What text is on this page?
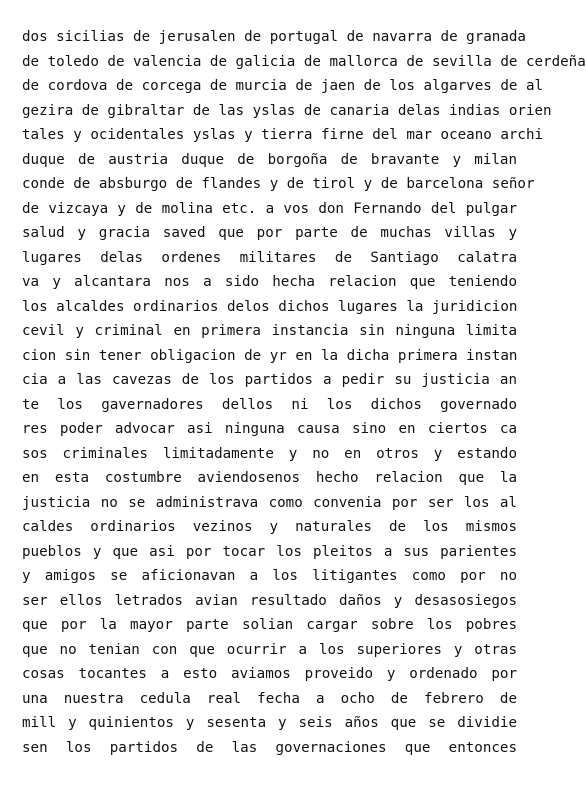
dos sicilias de jerusalen de portugal de navarra de granada
de toledo de valencia de galicia de mallorca de sevilla de cerdeña
de cordova de corcega de murcia de jaen de los algarves de al
gezira de gibraltar de las yslas de canaria delas indias orien
tales y ocidentales yslas y tierra firne del mar oceano archi
duque de austria duque de borgoña de bravante y milan
conde de absburgo de flandes y de tirol y de barcelona señor
de vizcaya y de molina etc. a vos don Fernando del pulgar
salud y gracia saved que por parte de muchas villas y
lugares delas ordenes militares de Santiago calatra
va y alcantara nos a sido hecha relacion que teniendo
los alcaldes ordinarios delos dichos lugares la juridicion
cevil y criminal en primera instancia sin ninguna limita
cion sin tener obligacion de yr en la dicha primera instan
cia a las cavezas de los partidos a pedir su justicia an
te los gavernadores dellos ni los dichos governado
res poder advocar asi ninguna causa sino en ciertos ca
sos criminales limitadamente y no en otros y estando
en esta costumbre aviendosenos hecho relacion que la
justicia no se administrava como convenia por ser los al
caldes ordinarios vezinos y naturales de los mismos
pueblos y que asi por tocar los pleitos a sus parientes
y amigos se aficionavan a los litigantes como por no
ser ellos letrados avian resultado daños y desasosiegos
que por la mayor parte solian cargar sobre los pobres
que no tenian con que ocurrir a los superiores y otras
cosas tocantes a esto aviamos proveido y ordenado por
una nuestra cedula real fecha a ocho de febrero de
mill y quinientos y sesenta y seis años que se dividie
sen los partidos de las governaciones que entonces
